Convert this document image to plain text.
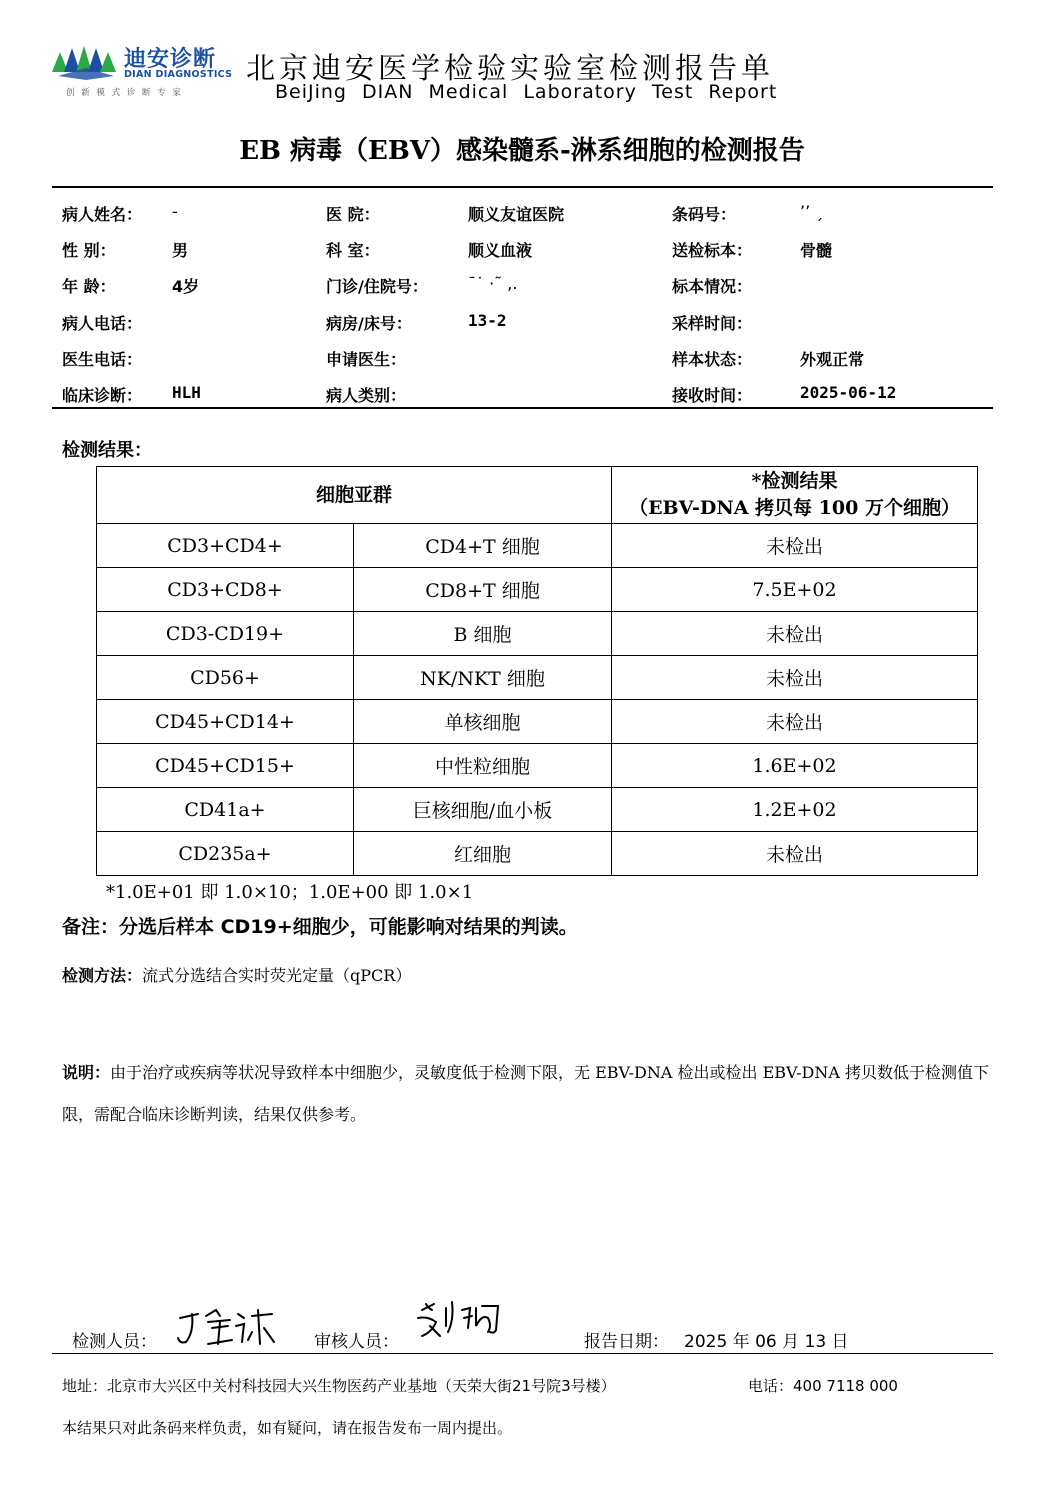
迪安诊断
DIAN DIAGNOSTICS
创 新 模 式 诊 断 专 家
北京迪安医学检验实验室检测报告单
BeiJing DIAN Medical Laboratory Test Report
EB 病毒（EBV）感染髓系-淋系细胞的检测报告
病人姓名： -	医 院：	顺义友谊医院	条码号：	’’ ˏ
性 别：	男	科 室：	顺义血液	送检标本：	骨髓
年 龄：	4岁	门诊/住院号：	ˉ˙ ·˜ ,.	标本情况：
病人电话：	病房/床号：	13-2	采样时间：
医生电话：	申请医生：	样本状态：	外观正常
临床诊断： HLH	病人类别：	接收时间：	2025-06-12
检测结果：
细胞亚群		*检测结果
（EBV-DNA 拷贝每 100 万个细胞）

CD3+CD4+	CD4+T 细胞	未检出
CD3+CD8+	CD8+T 细胞	7.5E+02
CD3-CD19+	B 细胞	未检出
CD56+	NK/NKT 细胞	未检出
CD45+CD14+	单核细胞	未检出
CD45+CD15+	中性粒细胞	1.6E+02
CD41a+	巨核细胞/血小板	1.2E+02
CD235a+	红细胞	未检出
*1.0E+01 即 1.0×10；1.0E+00 即 1.0×1
备注：分选后样本 CD19+细胞少，可能影响对结果的判读。
检测方法：流式分选结合实时荧光定量（qPCR）
说明：由于治疗或疾病等状况导致样本中细胞少，灵敏度低于检测下限，无 EBV-DNA 检出或检出 EBV-DNA 拷贝数低于检测值下限，需配合临床诊断判读，结果仅供参考。
检测人员：	审核人员：	报告日期： 2025 年 06 月 13 日
地址：北京市大兴区中关村科技园大兴生物医药产业基地（天荣大街21号院3号楼）	电话：400 7118 000
本结果只对此条码来样负责，如有疑问，请在报告发布一周内提出。
